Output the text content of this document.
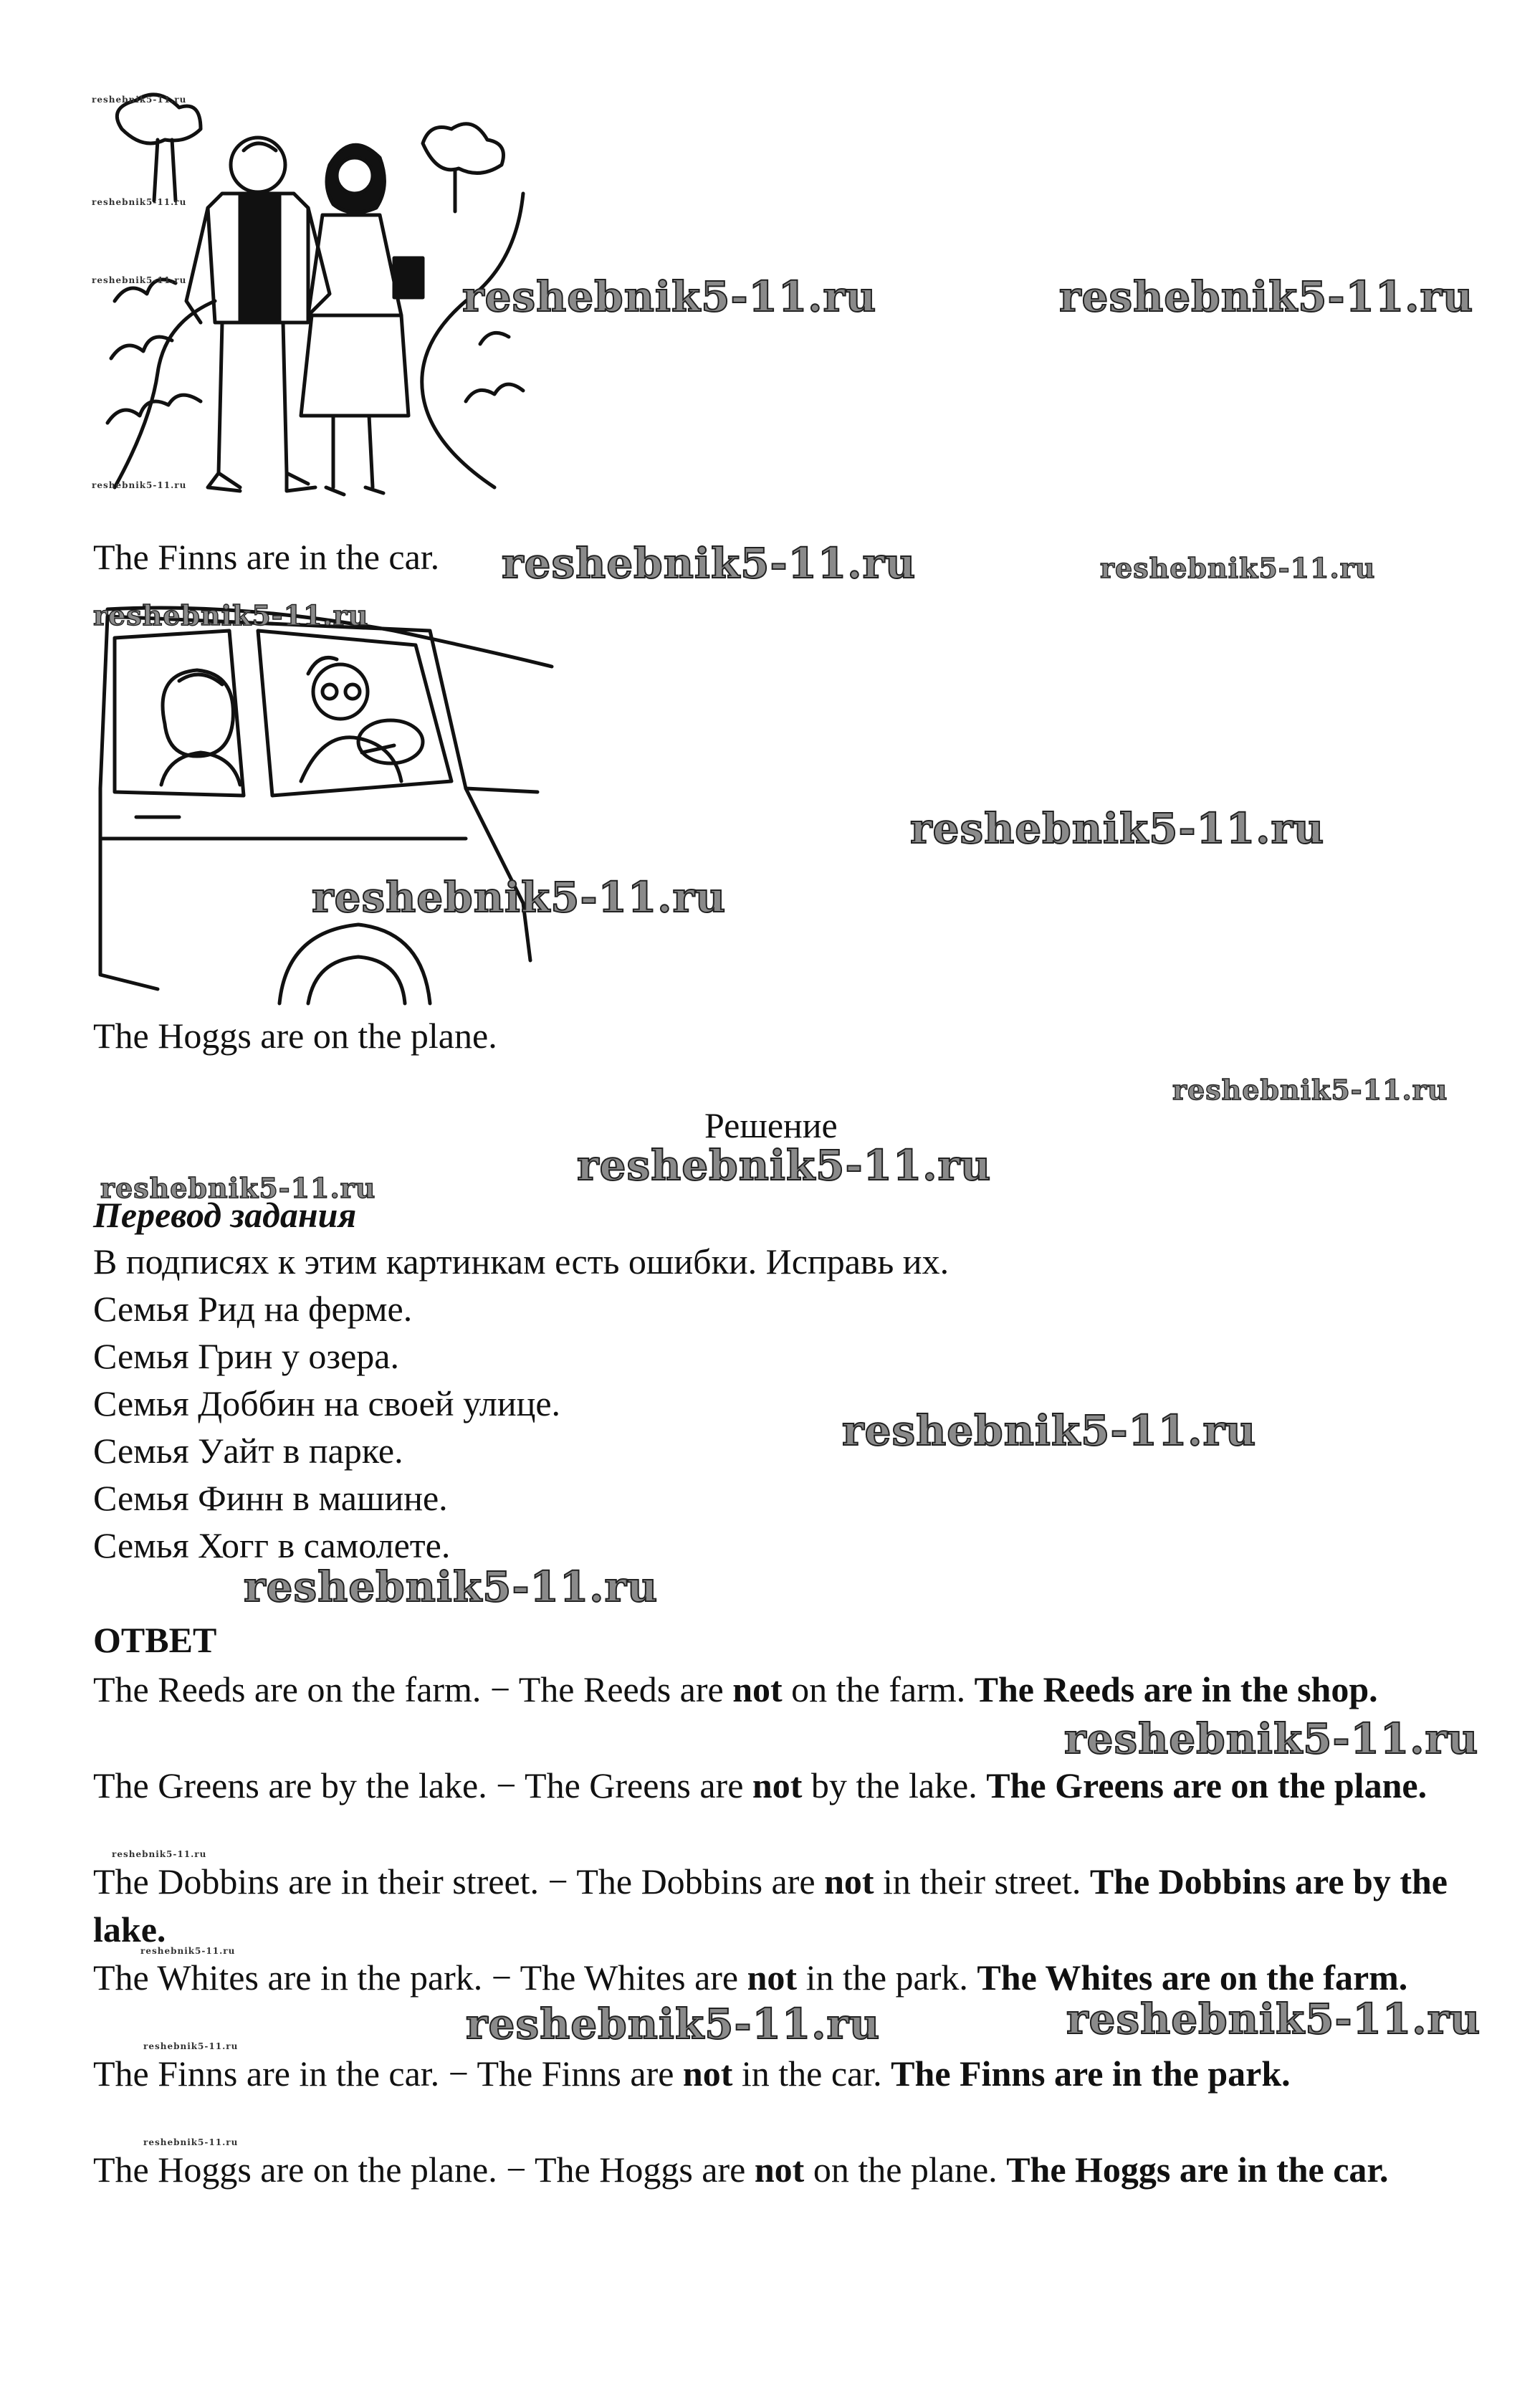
reshebnik5-11.ru
reshebnik5-11.ru
reshebnik5-11.ru
reshebnik5-11.ru
reshebnik5-11.ru	reshebnik5-11.ru
reshebnik5-11.ru	reshebnik5-11.ru
reshebnik5-11.ru
reshebnik5-11.ru
reshebnik5-11.ru
reshebnik5-11.ru
reshebnik5-11.ru
reshebnik5-11.ru
reshebnik5-11.ru
reshebnik5-11.ru
reshebnik5-11.ru
reshebnik5-11.ru
reshebnik5-11.ru
reshebnik5-11.ru	reshebnik5-11.ru
reshebnik5-11.ru
reshebnik5-11.ru
The Finns are in the car.
The Hoggs are on the plane.
Решение
Перевод задания
В подписях к этим картинкам есть ошибки. Исправь их.
Семья Рид на ферме.
Семья Грин у озера.
Семья Доббин на своей улице.
Семья Уайт в парке.
Семья Финн в машине.
Семья Хогг в самолете.
ОТВЕТ
The Reeds are on the farm. − The Reeds are not on the farm. The Reeds are in the shop.
The Greens are by the lake. − The Greens are not by the lake. The Greens are on the plane.
The Dobbins are in their street. − The Dobbins are not in their street. The Dobbins are by the lake.
The Whites are in the park. − The Whites are not in the park. The Whites are on the farm.
The Finns are in the car. − The Finns are not in the car. The Finns are in the park.
The Hoggs are on the plane. − The Hoggs are not on the plane. The Hoggs are in the car.
